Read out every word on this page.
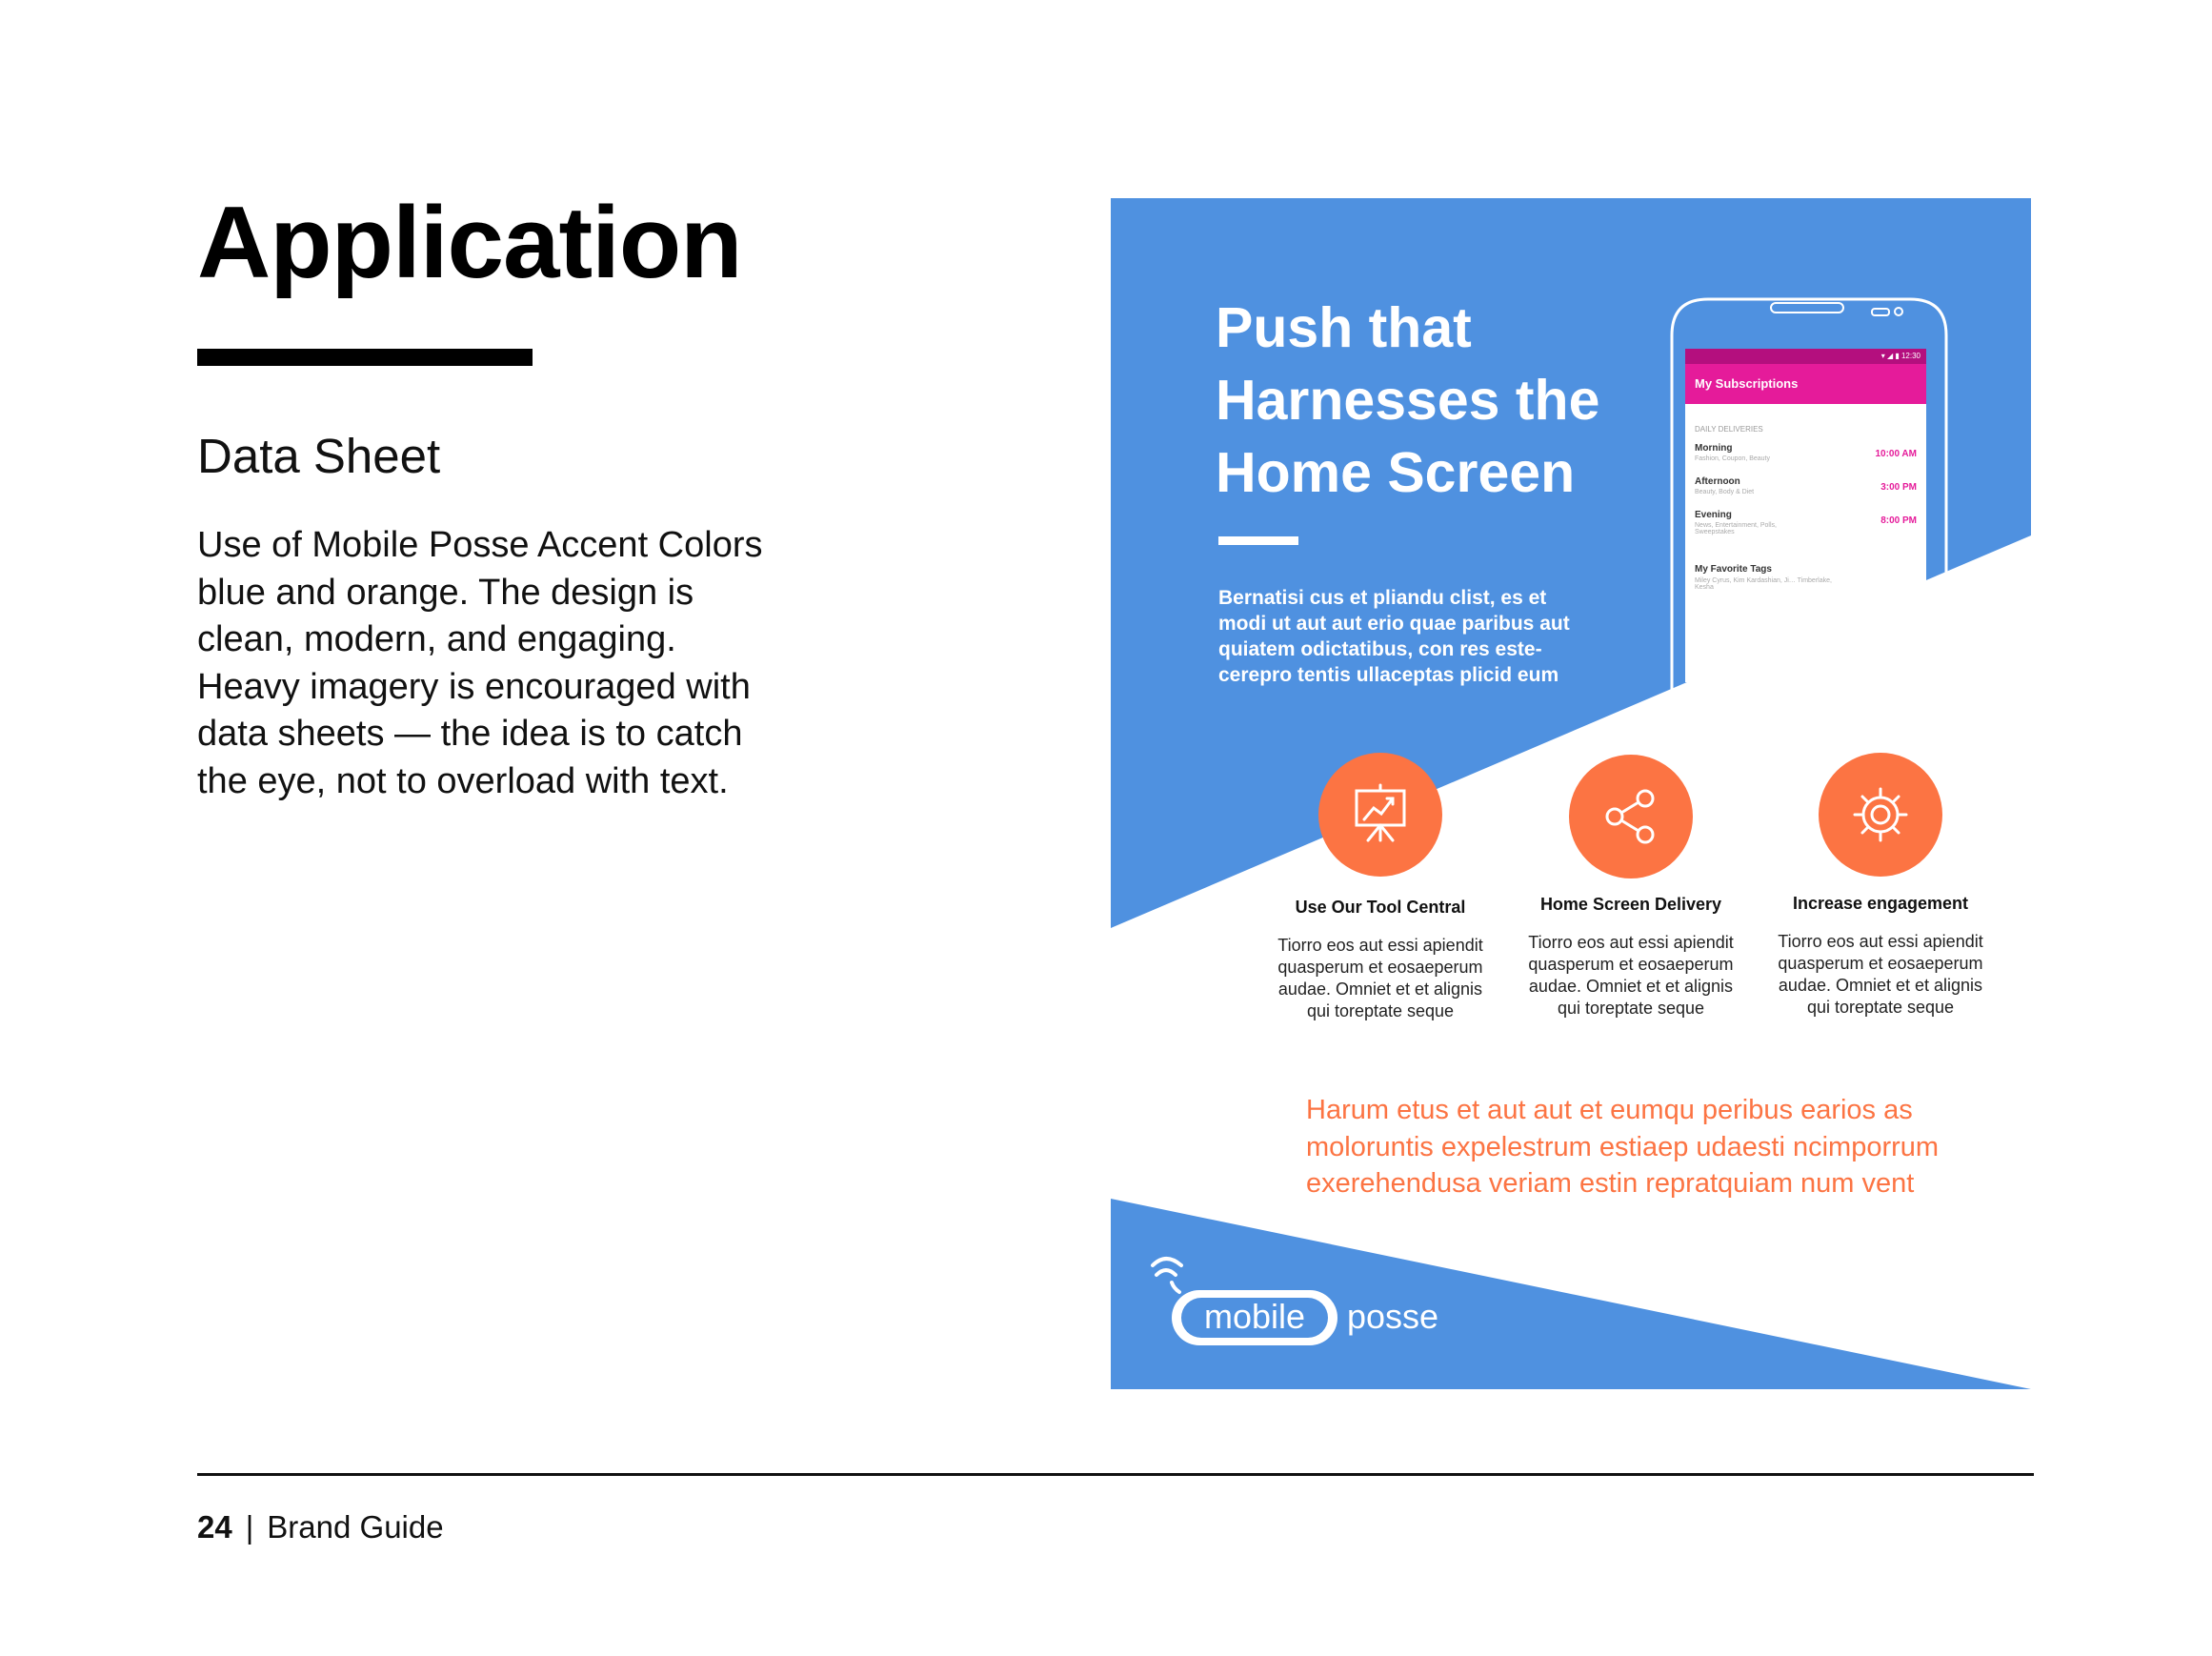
Application
Data Sheet
Use of Mobile Posse Accent Colors blue and orange. The design is clean, modern, and engaging. Heavy imagery is encouraged with data sheets — the idea is to catch the eye, not to overload with text.
Push that
Harnesses the
Home Screen
Bernatisi cus et pliandu clist, es et modi ut aut aut erio quae paribus aut quiatem odictatibus, con res este-cerepro tentis ullaceptas plicid eum
▾ ◢ ▮ 12:30
My Subscriptions
DAILY DELIVERIES
Morning
Fashion, Coupon, Beauty	10:00 AM
Afternoon
Beauty, Body & Diet	3:00 PM
Evening
News, Entertainment, Polls, Sweepstakes
8:00 PM
My Favorite Tags
Miley Cyrus, Kim Kardashian, Ji… Timberlake, Kesha
Use Our Tool Central
Tiorro eos aut essi apiendit quasperum et eosaeperum audae. Omniet et et alignis qui toreptate seque
Home Screen Delivery
Tiorro eos aut essi apiendit quasperum et eosaeperum audae. Omniet et et alignis qui toreptate seque
Increase engagement
Tiorro eos aut essi apiendit quasperum et eosaeperum audae. Omniet et et alignis qui toreptate seque
Harum etus et aut aut et eumqu peribus earios as moloruntis expelestrum estiaep udaesti ncimporrum exerehendusa veriam estin repratquiam num vent
mobile posse
24 | Brand Guide
